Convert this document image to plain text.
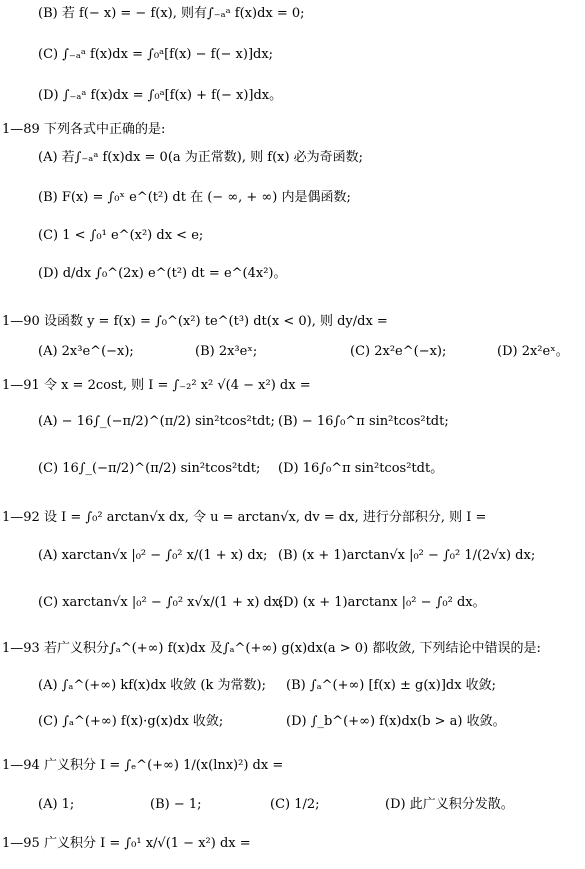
(B) 若 f(− x) = − f(x), 则有∫₋ₐᵃ f(x)dx = 0;
(C) ∫₋ₐᵃ f(x)dx = ∫₀ᵃ[f(x) − f(− x)]dx;
(D) ∫₋ₐᵃ f(x)dx = ∫₀ᵃ[f(x) + f(− x)]dx。
1—89 下列各式中正确的是:
(A) 若∫₋ₐᵃ f(x)dx = 0(a 为正常数), 则 f(x) 必为奇函数;
(B) F(x) = ∫₀ˣ e^(t²) dt 在 (− ∞, + ∞) 内是偶函数;
(C) 1 < ∫₀¹ e^(x²) dx < e;
(D) d/dx ∫₀^(2x) e^(t²) dt = e^(4x²)。
1—90 设函数 y = f(x) = ∫₀^(x²) te^(t³) dt(x < 0), 则 dy/dx =
(A) 2x³e^(−x);	(B) 2x³eˣ;	(C) 2x²e^(−x);	(D) 2x²eˣ。
1—91 令 x = 2cost, 则 I = ∫₋₂² x² √(4 − x²) dx =
(A) − 16∫_(−π/2)^(π/2) sin²tcos²tdt; (B) − 16∫₀^π sin²tcos²tdt;
(C) 16∫_(−π/2)^(π/2) sin²tcos²tdt; (D) 16∫₀^π sin²tcos²tdt。
1—92 设 I = ∫₀² arctan√x dx, 令 u = arctan√x, dv = dx, 进行分部积分, 则 I =
(A) xarctan√x |₀² − ∫₀² x/(1 + x) dx; (B) (x + 1)arctan√x |₀² − ∫₀² 1/(2√x) dx;
(C) xarctan√x |₀² − ∫₀² x√x/(1 + x) dx;
(D) (x + 1)arctanx |₀² − ∫₀² dx。
1—93 若广义积分∫ₐ^(+∞) f(x)dx 及∫ₐ^(+∞) g(x)dx(a > 0) 都收敛, 下列结论中错误的是:
(A) ∫ₐ^(+∞) kf(x)dx 收敛 (k 为常数); (B) ∫ₐ^(+∞) [f(x) ± g(x)]dx 收敛;
(C) ∫ₐ^(+∞) f(x)·g(x)dx 收敛;	(D) ∫_b^(+∞) f(x)dx(b > a) 收敛。
1—94 广义积分 I = ∫ₑ^(+∞) 1/(x(lnx)²) dx =
(A) 1;	(B) − 1;	(C) 1/2;	(D) 此广义积分发散。
1—95 广义积分 I = ∫₀¹ x/√(1 − x²) dx =
